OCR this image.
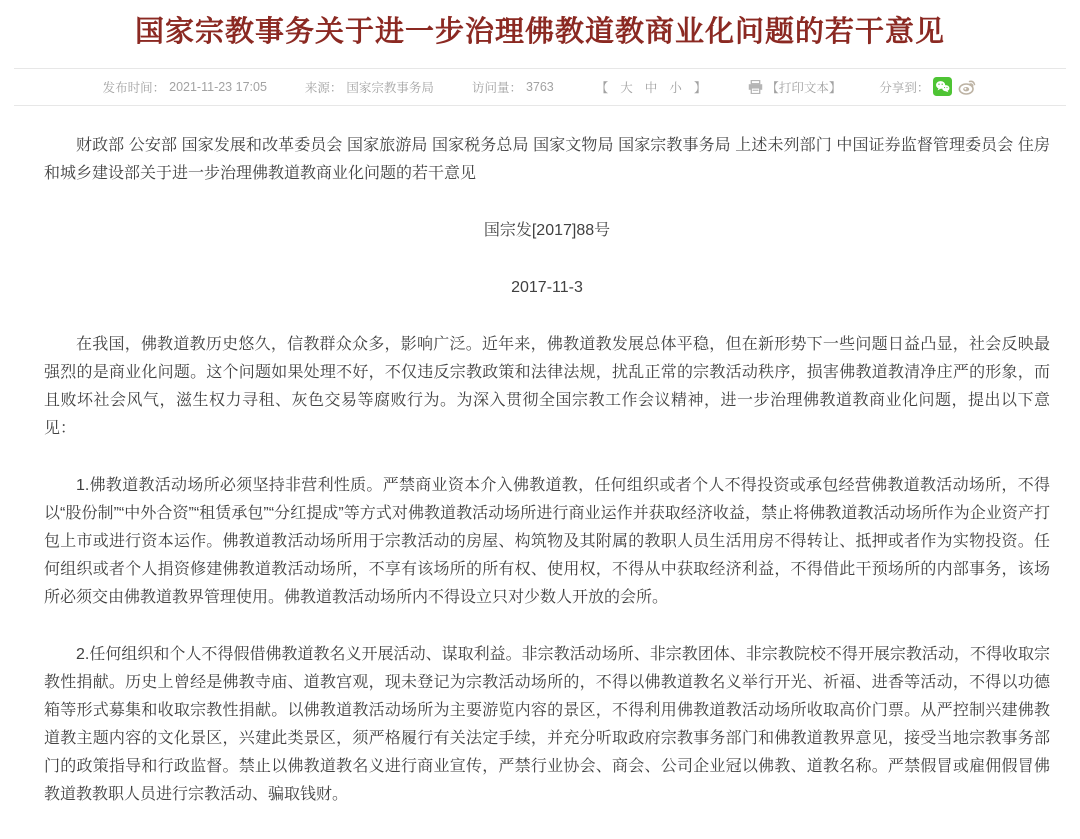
国家宗教事务关于进一步治理佛教道教商业化问题的若干意见
发布时间： 2021-11-23 17:05	来源： 国家宗教事务局	访问量： 3763	【 大 中 小 】	【打印文本】	分享到：

财政部 公安部 国家发展和改革委员会 国家旅游局 国家税务总局 国家文物局 国家宗教事务局 上述未列部门 中国证券监督管理委员会 住房和城乡建设部关于进一步治理佛教道教商业化问题的若干意见

国宗发[2017]88号

2017-11-3

在我国，佛教道教历史悠久，信教群众众多，影响广泛。近年来，佛教道教发展总体平稳，但在新形势下一些问题日益凸显，社会反映最强烈的是商业化问题。这个问题如果处理不好，不仅违反宗教政策和法律法规，扰乱正常的宗教活动秩序，损害佛教道教清净庄严的形象，而且败坏社会风气，滋生权力寻租、灰色交易等腐败行为。为深入贯彻全国宗教工作会议精神，进一步治理佛教道教商业化问题，提出以下意见：

1.佛教道教活动场所必须坚持非营利性质。严禁商业资本介入佛教道教，任何组织或者个人不得投资或承包经营佛教道教活动场所，不得以“股份制”“中外合资”“租赁承包”“分红提成”等方式对佛教道教活动场所进行商业运作并获取经济收益，禁止将佛教道教活动场所作为企业资产打包上市或进行资本运作。佛教道教活动场所用于宗教活动的房屋、构筑物及其附属的教职人员生活用房不得转让、抵押或者作为实物投资。任何组织或者个人捐资修建佛教道教活动场所，不享有该场所的所有权、使用权，不得从中获取经济利益，不得借此干预场所的内部事务，该场所必须交由佛教道教界管理使用。佛教道教活动场所内不得设立只对少数人开放的会所。

2.任何组织和个人不得假借佛教道教名义开展活动、谋取利益。非宗教活动场所、非宗教团体、非宗教院校不得开展宗教活动，不得收取宗教性捐献。历史上曾经是佛教寺庙、道教宫观，现未登记为宗教活动场所的，不得以佛教道教名义举行开光、祈福、进香等活动，不得以功德箱等形式募集和收取宗教性捐献。以佛教道教活动场所为主要游览内容的景区，不得利用佛教道教活动场所收取高价门票。从严控制兴建佛教道教主题内容的文化景区，兴建此类景区，须严格履行有关法定手续，并充分听取政府宗教事务部门和佛教道教界意见，接受当地宗教事务部门的政策指导和行政监督。禁止以佛教道教名义进行商业宣传，严禁行业协会、商会、公司企业冠以佛教、道教名称。严禁假冒或雇佣假冒佛教道教教职人员进行宗教活动、骗取钱财。
